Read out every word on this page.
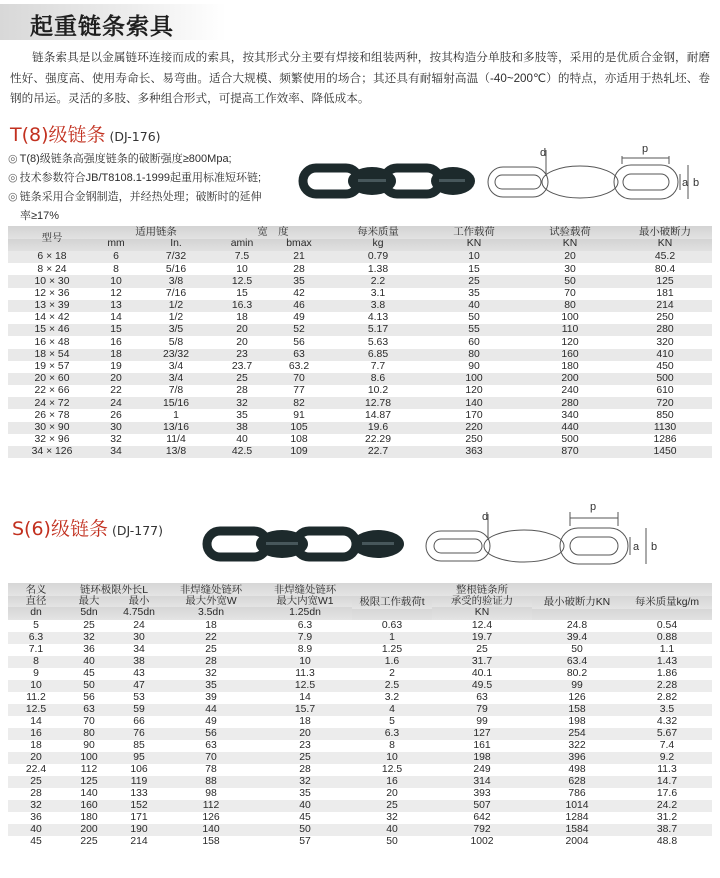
起重链条索具

链条索具是以金属链环连接而成的索具，按其形式分主要有焊接和组装两种，按其构造分单肢和多肢等，采用的是优质合金钢，耐磨性好、强度高、使用寿命长、易弯曲。适合大规模、频繁使用的场合；其还具有耐辐射高温（-40~200℃）的特点，亦适用于热轧坯、卷钢的吊运。灵活的多肢、多种组合形式，可提高工作效率、降低成本。

T(8)级链条 (DJ-176)

◎ T(8)级链条高强度链条的破断强度≥800Mpa;

◎ 技术参数符合JB/T8108.1-1999起重用标准短环链;

◎ 链条采用合金钢制造，并经热处理；破断时的延伸

率≥17%

d	p
a b
型号	适用链条		宽　度		每米质量	工作载荷	试验载荷	最小破断力
	mm	In.	amin	bmax	kg	KN	KN	KN
6 × 18	6	7/32	7.5	21	0.79	10	20	45.2
8 × 24	8	5/16	10	28	1.38	15	30	80.4
10 × 30	10	3/8	12.5	35	2.2	25	50	125
12 × 36	12	7/16	15	42	3.1	35	70	181
13 × 39	13	1/2	16.3	46	3.8	40	80	214
14 × 42	14	1/2	18	49	4.13	50	100	250
15 × 46	15	3/5	20	52	5.17	55	110	280
16 × 48	16	5/8	20	56	5.63	60	120	320
18 × 54	18	23/32	23	63	6.85	80	160	410
19 × 57	19	3/4	23.7	63.2	7.7	90	180	450
20 × 60	20	3/4	25	70	8.6	100	200	500
22 × 66	22	7/8	28	77	10.2	120	240	610
24 × 72	24	15/16	32	82	12.78	140	280	720
26 × 78	26	1	35	91	14.87	170	340	850
30 × 90	30	13/16	38	105	19.6	220	440	1130
32 × 96	32	11/4	40	108	22.29	250	500	1286
34 × 126	34	13/8	42.5	109	22.7	363	870	1450
S(6)级链条 (DJ-177)
d
p
a b
名义	链环极限外长L		非焊缝处链环	非焊缝处链环	极限工作载荷t	整根链条所	最小破断力KN	每米质量kg/m
直径	最大	最小	最大外宽W	最大内宽W1		承受的验证力		
dn	5dn	4.75dn	3.5dn	1.25dn		KN		
5	25	24	18	6.3	0.63	12.4	24.8	0.54
6.3	32	30	22	7.9	1	19.7	39.4	0.88
7.1	36	34	25	8.9	1.25	25	50	1.1
8	40	38	28	10	1.6	31.7	63.4	1.43
9	45	43	32	11.3	2	40.1	80.2	1.86
10	50	47	35	12.5	2.5	49.5	99	2.28
11.2	56	53	39	14	3.2	63	126	2.82
12.5	63	59	44	15.7	4	79	158	3.5
14	70	66	49	18	5	99	198	4.32
16	80	76	56	20	6.3	127	254	5.67
18	90	85	63	23	8	161	322	7.4
20	100	95	70	25	10	198	396	9.2
22.4	112	106	78	28	12.5	249	498	11.3
25	125	119	88	32	16	314	628	14.7
28	140	133	98	35	20	393	786	17.6
32	160	152	112	40	25	507	1014	24.2
36	180	171	126	45	32	642	1284	31.2
40	200	190	140	50	40	792	1584	38.7
45	225	214	158	57	50	1002	2004	48.8
